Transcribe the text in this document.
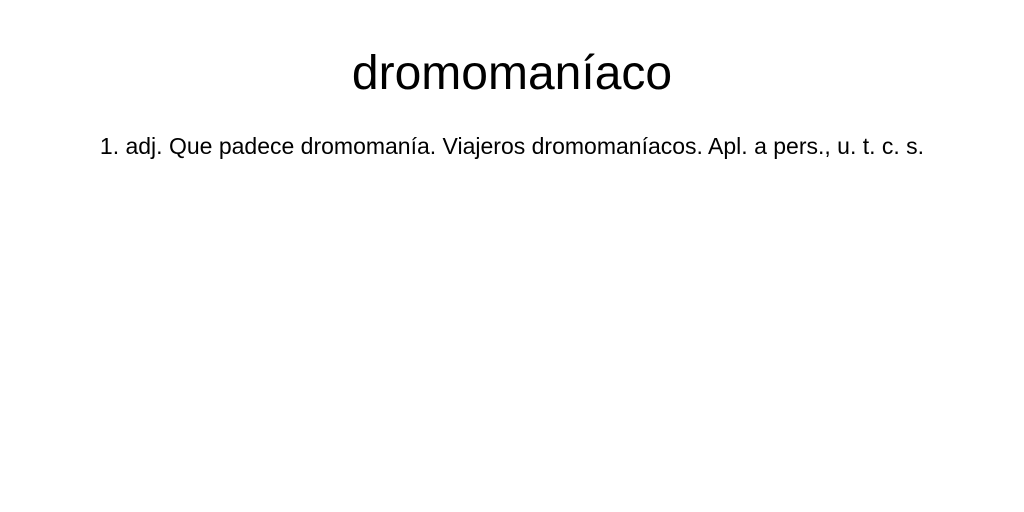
dromomaníaco

1. adj. Que padece dromomanía. Viajeros dromomaníacos. Apl. a pers., u. t. c. s.
